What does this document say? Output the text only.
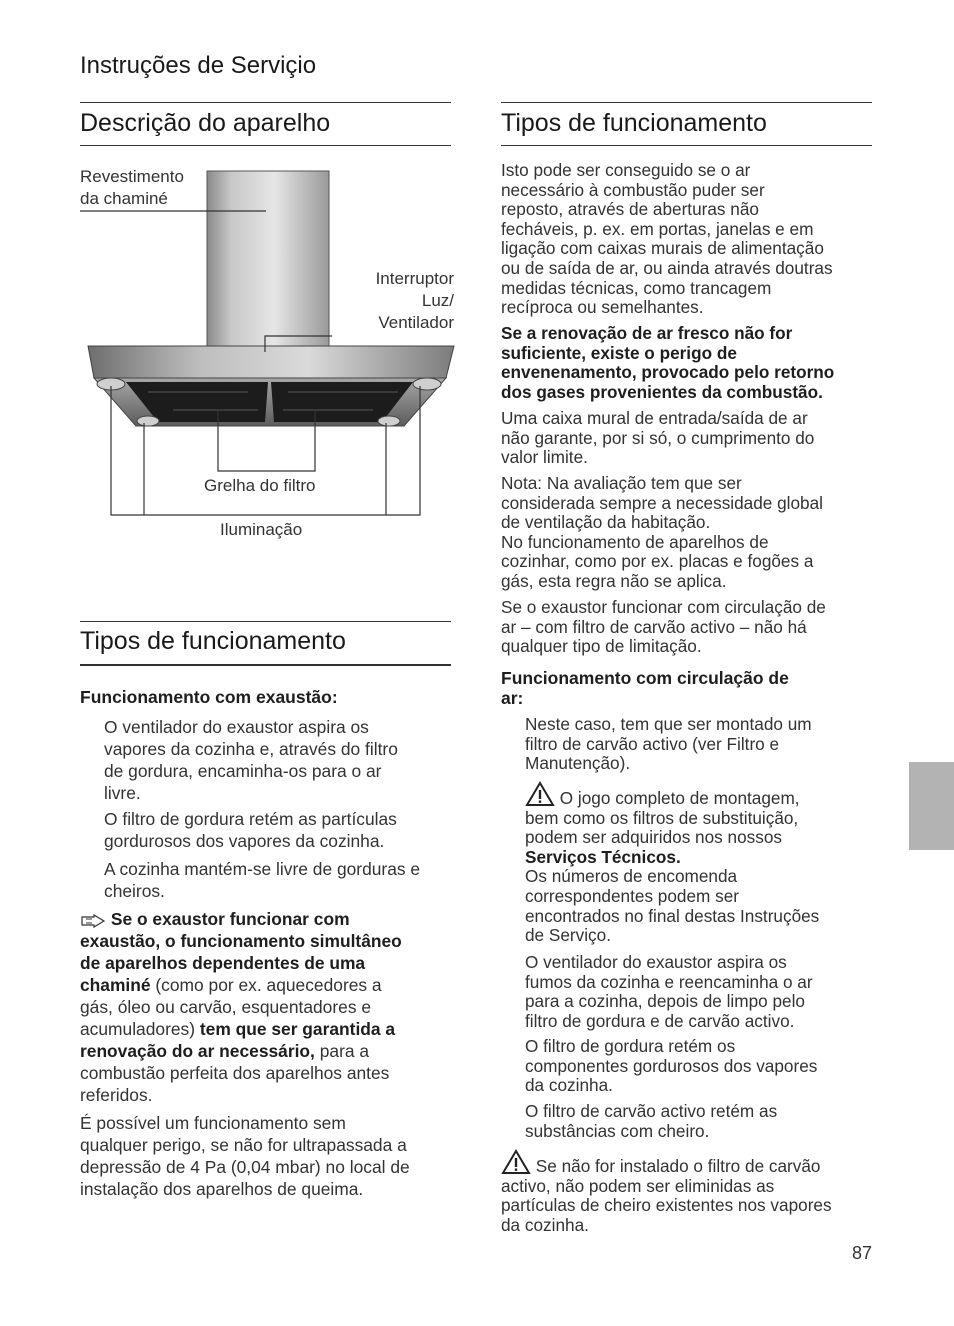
Instruções de Serviçio
Descrição do aparelho
Revestimento
da chaminé
Interruptor
Luz/
Ventilador
Grelha do filtro
Iluminação
Tipos de funcionamento
Funcionamento com exaustão:
O ventilador do exaustor aspira os
vapores da cozinha e, através do filtro
de gordura, encaminha-os para o ar
livre.
O filtro de gordura retém as partículas
gordurosos dos vapores da cozinha.
A cozinha mantém-se livre de gorduras e
cheiros.
Se o exaustor funcionar com
exaustão, o funcionamento simultâneo
de aparelhos dependentes de uma
chaminé (como por ex. aquecedores a
gás, óleo ou carvão, esquentadores e
acumuladores) tem que ser garantida a
renovação do ar necessário, para a
combustão perfeita dos aparelhos antes
referidos.
É possível um funcionamento sem
qualquer perigo, se não for ultrapassada a
depressão de 4 Pa (0,04 mbar) no local de
instalação dos aparelhos de queima.
Tipos de funcionamento
Isto pode ser conseguido se o ar
necessário à combustão puder ser
reposto, através de aberturas não
fecháveis, p. ex. em portas, janelas e em
ligação com caixas murais de alimentação
ou de saída de ar, ou ainda através doutras
medidas técnicas, como trancagem
recíproca ou semelhantes.
Se a renovação de ar fresco não for
suficiente, existe o perigo de
envenenamento, provocado pelo retorno
dos gases provenientes da combustão.
Uma caixa mural de entrada/saída de ar
não garante, por si só, o cumprimento do
valor limite.
Nota: Na avaliação tem que ser
considerada sempre a necessidade global
de ventilação da habitação.
No funcionamento de aparelhos de
cozinhar, como por ex. placas e fogões a
gás, esta regra não se aplica.
Se o exaustor funcionar com circulação de
ar – com filtro de carvão activo – não há
qualquer tipo de limitação.
Funcionamento com circulação de
ar:
Neste caso, tem que ser montado um
filtro de carvão activo (ver Filtro e
Manutenção).
O jogo completo de montagem,
bem como os filtros de substituição,
podem ser adquiridos nos nossos
Serviços Técnicos.
Os números de encomenda
correspondentes podem ser
encontrados no final destas Instruções
de Serviço.
O ventilador do exaustor aspira os
fumos da cozinha e reencaminha o ar
para a cozinha, depois de limpo pelo
filtro de gordura e de carvão activo.
O filtro de gordura retém os
componentes gordurosos dos vapores
da cozinha.
O filtro de carvão activo retém as
substâncias com cheiro.
Se não for instalado o filtro de carvão
activo, não podem ser eliminidas as
partículas de cheiro existentes nos vapores
da cozinha.
87
